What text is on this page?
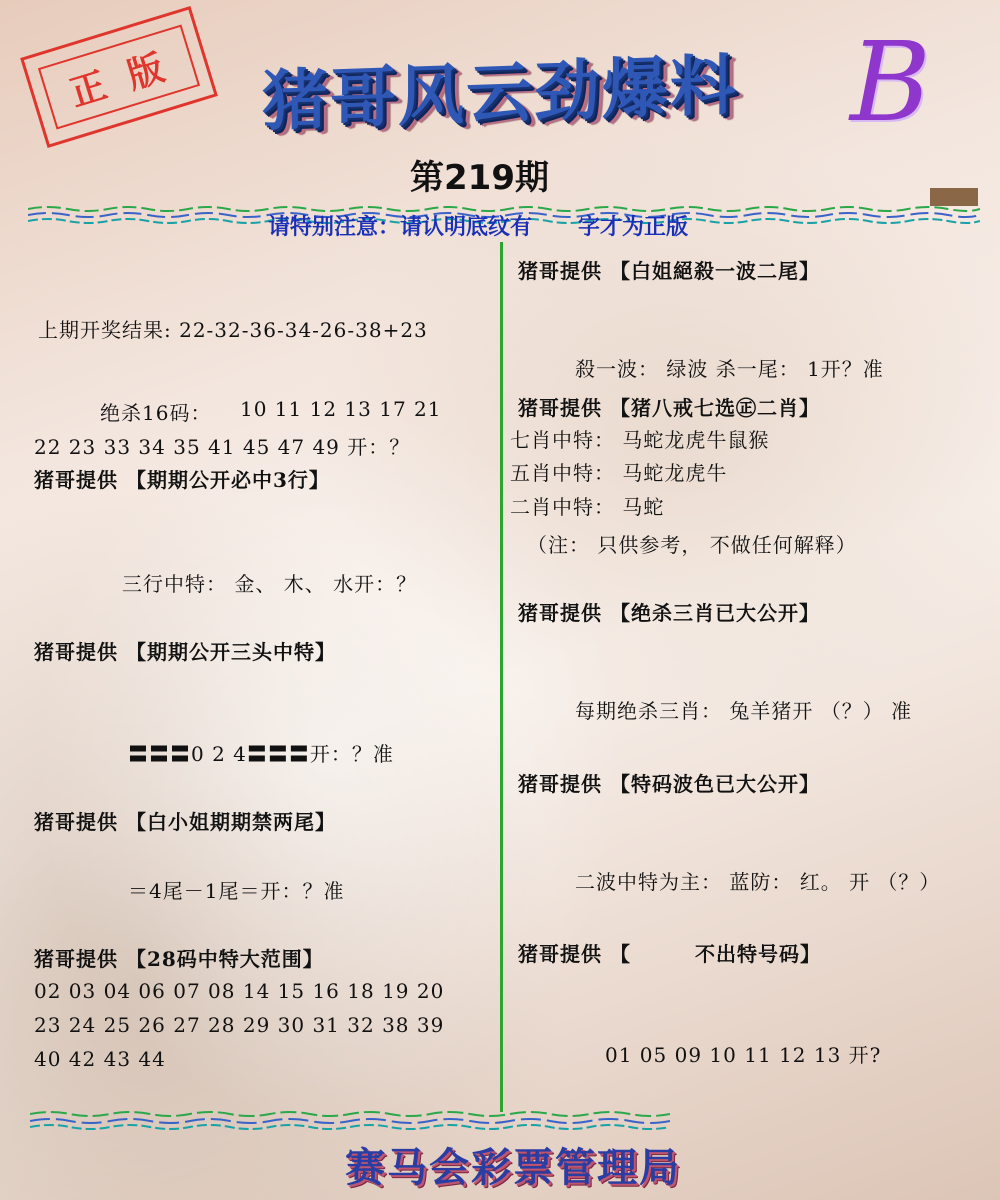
正版	猪哥风云劲爆料	B
第219期
请特别注意：请认明底纹有 字才为正版
上期开奖结果: 22-32-36-34-26-38+23
绝杀16码： 10 11 12 13 17 21
22 23 33 34 35 41 45 47 49 开：？
猪哥提供 【期期公开必中3行】
三行中特： 金、 木、 水开：？
猪哥提供 【期期公开三头中特】
〓〓〓0 2 4〓〓〓开：？准
猪哥提供 【白小姐期期禁两尾】
＝4尾－1尾＝开：？准
猪哥提供 【28码中特大范围】
02 03 04 06 07 08 14 15 16 18 19 20
23 24 25 26 27 28 29 30 31 32 38 39
40 42 43 44
猪哥提供 【白姐絕殺一波二尾】
殺一波： 绿波 杀一尾： 1开？准
猪哥提供 【猪八戒七选㊣二肖】
七肖中特： 马蛇龙虎牛鼠猴
五肖中特： 马蛇龙虎牛
二肖中特： 马蛇
（注： 只供参考， 不做任何解释）
猪哥提供 【绝杀三肖已大公开】
每期绝杀三肖： 兔羊猪开 （？） 准
猪哥提供 【特码波色已大公开】
二波中特为主： 蓝防： 红。 开 （？）
猪哥提供 【	不出特号码】
01 05 09 10 11 12 13 开?
赛马会彩票管理局
